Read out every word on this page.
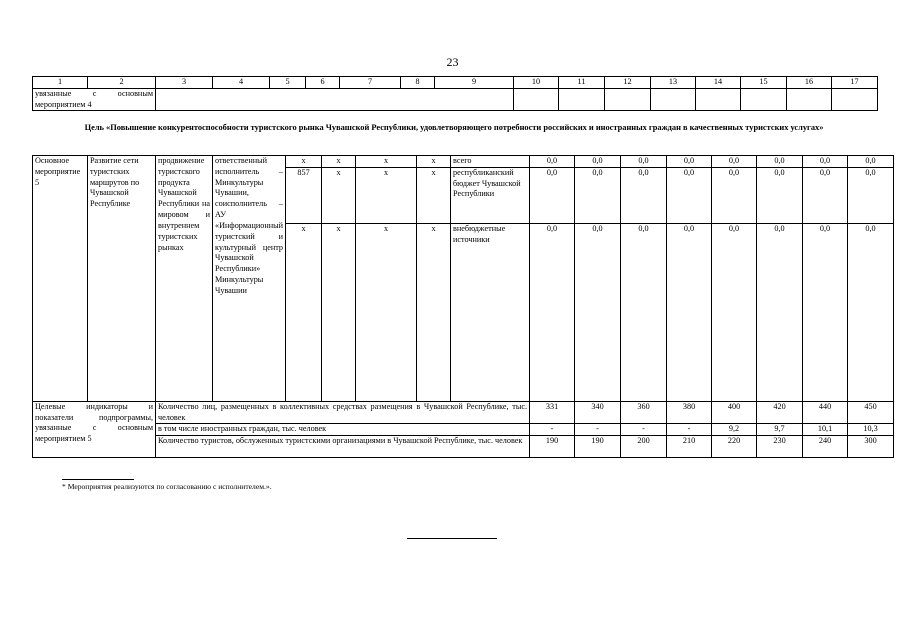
23
1	2	3	4	5	6	7	8	9	10	11	12	13	14	15	16	17
увязанные с основным мероприятием 4																
Цель «Повышение конкурентоспособности туристского рынка Чувашской Республики, удовлетворяющего потребности российских и иностранных граждан в качественных туристских услугах»
Основное мероприятие 5	Развитие сети туристских маршрутов по Чувашской Республике	продвижение туристского продукта Чувашской Республики на мировом и внутреннем туристских рынках	ответственный исполнитель – Минкультуры Чувашии, соисполнитель – АУ «Информационный туристский и культурный центр Чувашской Республики» Минкультуры Чувашии	x	x	x	x	всего	0,0	0,0	0,0	0,0	0,0	0,0	0,0	0,0
				857	x	x	x	республиканский бюджет Чувашской Республики	0,0	0,0	0,0	0,0	0,0	0,0	0,0	0,0
				x	x	x	x	внебюджетные источники	0,0	0,0	0,0	0,0	0,0	0,0	0,0	0,0
Целевые индикаторы и показатели подпрограммы, увязанные с основным мероприятием 5		Количество лиц, размещенных в коллективных средствах размещения в Чувашской Республике, тыс. человек							331	340	360	380	400	420	440	450
		в том числе иностранных граждан, тыс. человек							-	-	-	-	9,2	9,7	10,1	10,3
		Количество туристов, обслуженных туристскими организациями в Чувашской Республике, тыс. человек							190	190	200	210	220	230	240	300
* Мероприятия реализуются по согласованию с исполнителем.».
